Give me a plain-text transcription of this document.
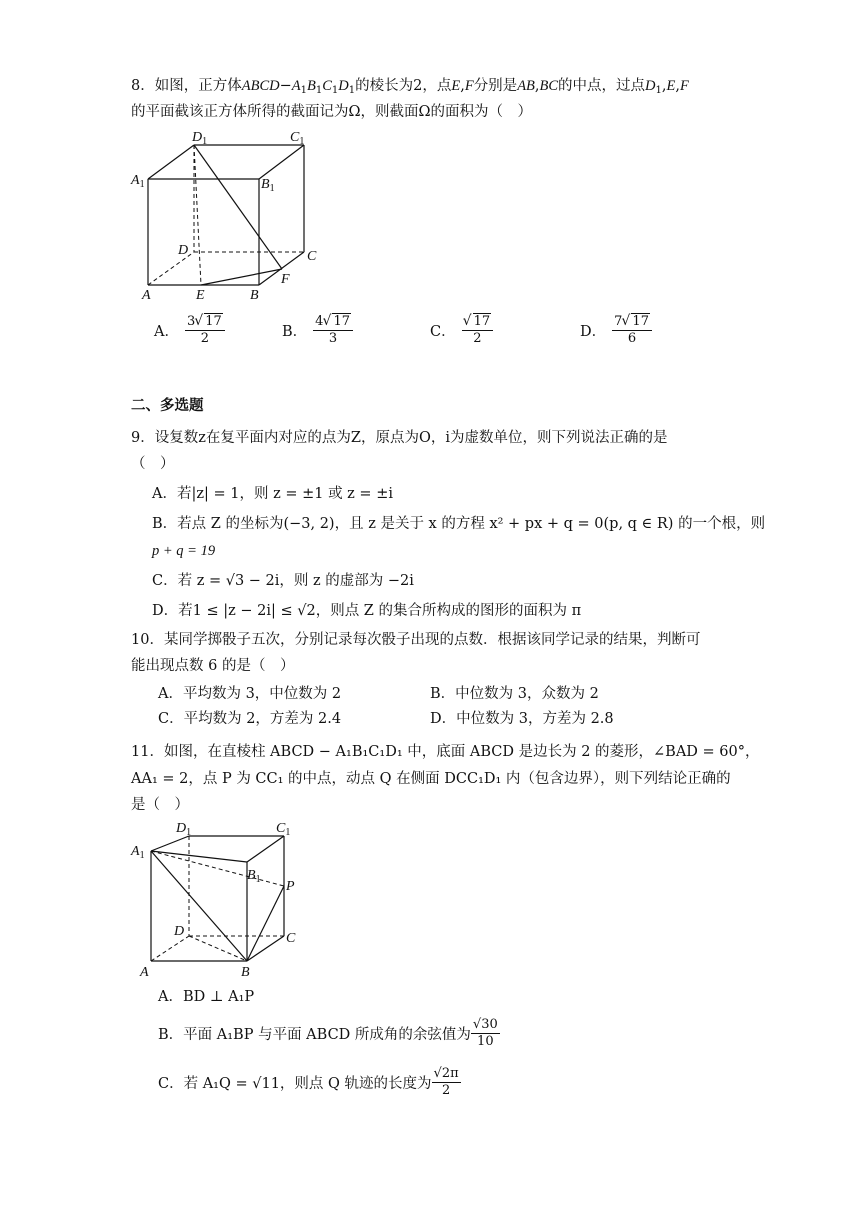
8．如图，正方体$ABCD-A_1B_1C_1D_1$的棱长为2，点E,F分别是AB,BC的中点，过点$D_1,E,F$
的平面截该正方体所得的截面记为Ω，则截面Ω的面积为（　）
$D_1$	$C_1$
$A_1$	$B_1$
D	C
A	E	B
F
A． $\frac{3 √ 17}{2}$	B． $\frac{4 √ 17}{3}$	C． √ $\frac{17}{2}$	D． $\frac{7 √ 17}{6}$
二、多选题
9．设复数z在复平面内对应的点为Z，原点为O，i为虚数单位，则下列说法正确的是
（　）
A．若|z| = 1，则 z = ±1 或 z = ±i
B．若点 Z 的坐标为(−3, 2)，且 z 是关于 x 的方程 x² + px + q = 0(p, q ∈ R) 的一个根，则
p + q = 19
C．若 z = √3 − 2i，则 z 的虚部为 −2i
D．若1 ≤ |z − 2i| ≤ √2，则点 Z 的集合所构成的图形的面积为 π
10．某同学掷骰子五次，分别记录每次骰子出现的点数．根据该同学记录的结果，判断可
能出现点数 6 的是（　）
A．平均数为 3，中位数为 2	B．中位数为 3，众数为 2
C．平均数为 2，方差为 2.4	D．中位数为 3，方差为 2.8
11．如图，在直棱柱 ABCD − A₁B₁C₁D₁ 中，底面 ABCD 是边长为 2 的菱形，∠BAD = 60°，
AA₁ = 2，点 P 为 CC₁ 的中点，动点 Q 在侧面 DCC₁D₁ 内（包含边界），则下列结论正确的
是（　）
$D_1$	$C_1$
$A_1$
$B_1$ P
D	C
A	B
A．BD ⊥ A₁P
B．平面 A₁BP 与平面 ABCD 所成角的余弦值为 $\frac{√30}{10}$
C．若 A₁Q = √11，则点 Q 轨迹的长度为 $\frac{√2\pi}{2}$
